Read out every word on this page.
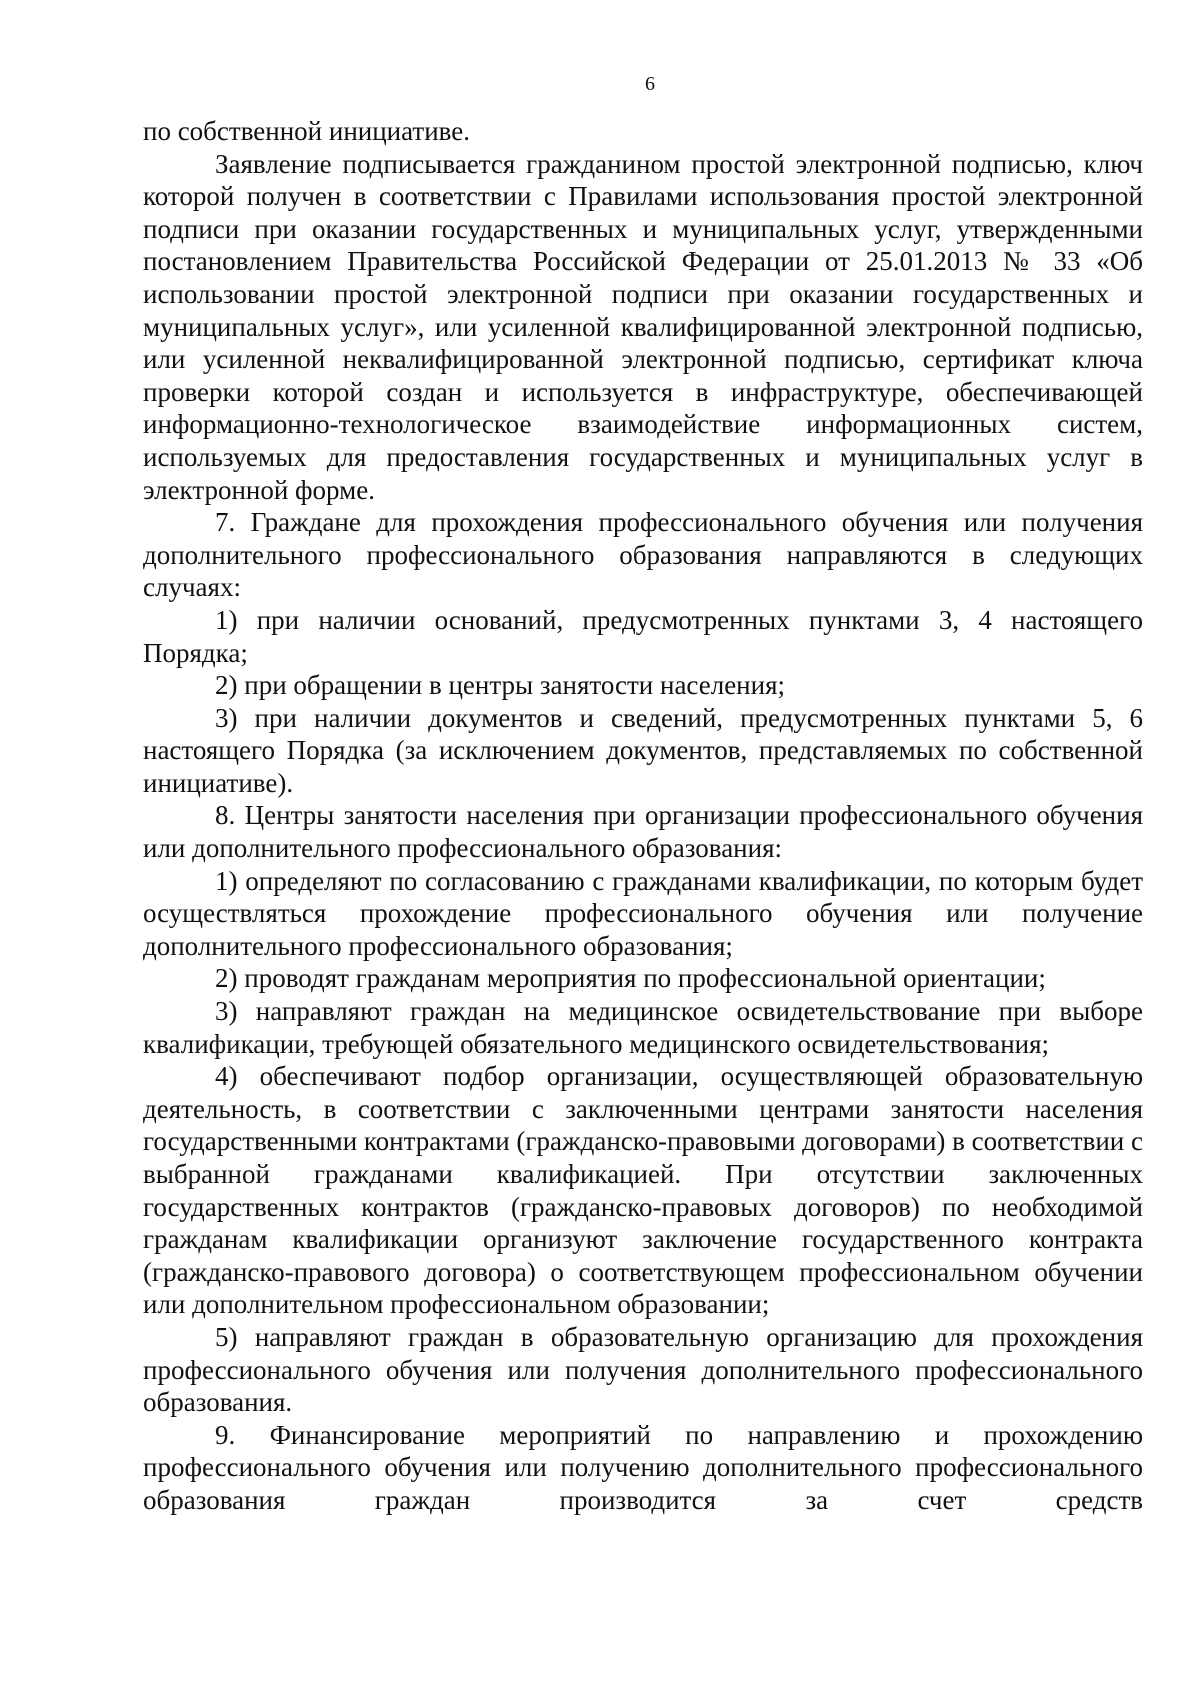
6

по собственной инициативе.

Заявление подписывается гражданином простой электронной подписью, ключ которой получен в соответствии с Правилами использования простой электронной подписи при оказании государственных и муниципальных услуг, утвержденными постановлением Правительства Российской Федерации от 25.01.2013 № 33 «Об использовании простой электронной подписи при оказании государственных и муниципальных услуг», или усиленной квалифицированной электронной подписью, или усиленной неквалифицированной электронной подписью, сертификат ключа проверки которой создан и используется в инфраструктуре, обеспечивающей информационно-технологическое взаимодействие информационных систем, используемых для предоставления государственных и муниципальных услуг в электронной форме.

7. Граждане для прохождения профессионального обучения или получения дополнительного профессионального образования направляются в следующих случаях:

1) при наличии оснований, предусмотренных пунктами 3, 4 настоящего Порядка;

2) при обращении в центры занятости населения;

3) при наличии документов и сведений, предусмотренных пунктами 5, 6 настоящего Порядка (за исключением документов, представляемых по собственной инициативе).

8. Центры занятости населения при организации профессионального обучения или дополнительного профессионального образования:

1) определяют по согласованию с гражданами квалификации, по которым будет осуществляться прохождение профессионального обучения или получение дополнительного профессионального образования;

2) проводят гражданам мероприятия по профессиональной ориентации;

3) направляют граждан на медицинское освидетельствование при выборе квалификации, требующей обязательного медицинского освидетельствования;

4) обеспечивают подбор организации, осуществляющей образовательную деятельность, в соответствии с заключенными центрами занятости населения государственными контрактами (гражданско-правовыми договорами) в соответствии с выбранной гражданами квалификацией. При отсутствии заключенных государственных контрактов (гражданско-правовых договоров) по необходимой гражданам квалификации организуют заключение государственного контракта (гражданско-правового договора) о соответствующем профессиональном обучении или дополнительном профессиональном образовании;

5) направляют граждан в образовательную организацию для прохождения профессионального обучения или получения дополнительного профессионального образования.

9. Финансирование мероприятий по направлению и прохождению профессионального обучения или получению дополнительного профессионального образования граждан производится за счет средств
